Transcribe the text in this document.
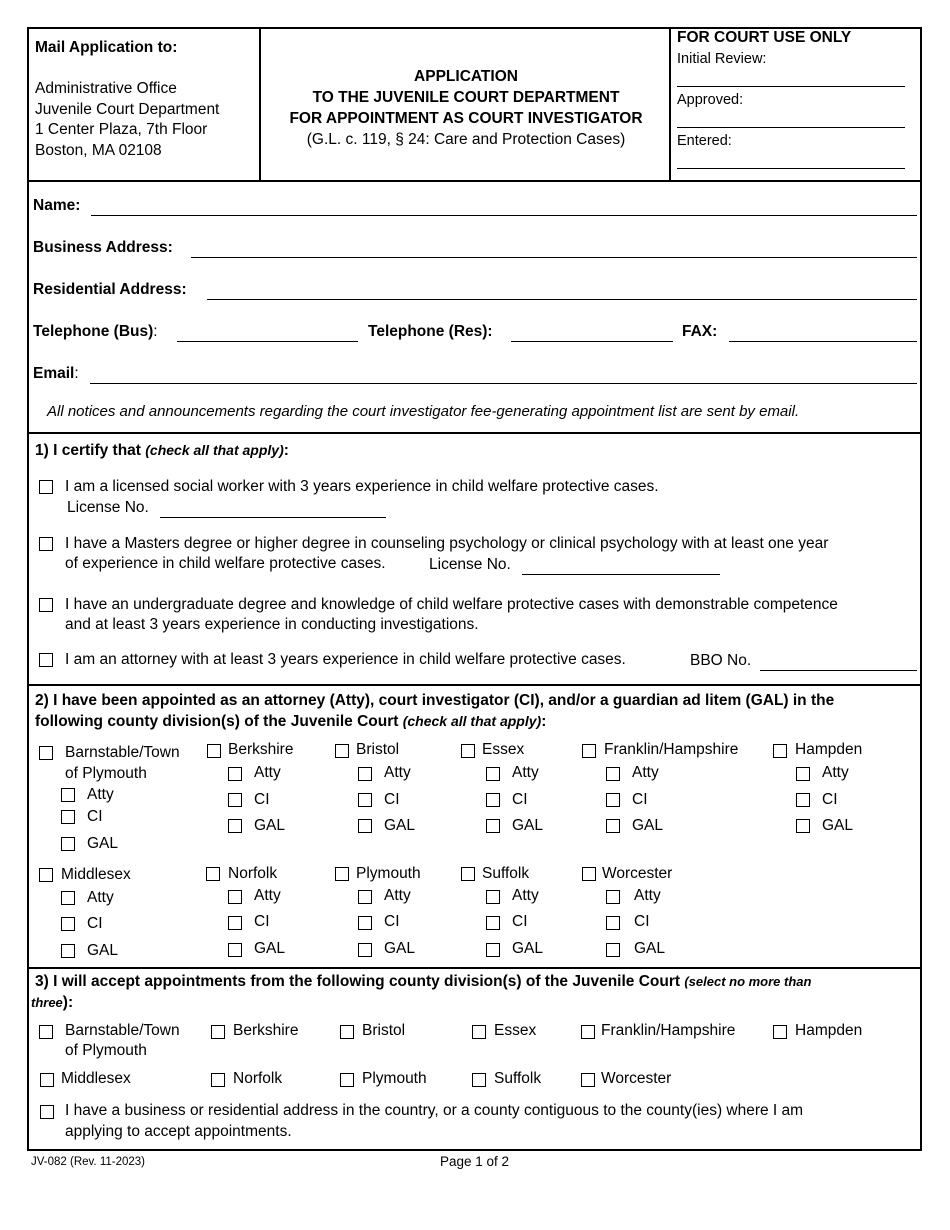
Mail Application to:
Administrative Office
Juvenile Court Department
1 Center Plaza, 7th Floor
Boston, MA 02108
APPLICATION
TO THE JUVENILE COURT DEPARTMENT
FOR APPOINTMENT AS COURT INVESTIGATOR
(G.L. c. 119, § 24: Care and Protection Cases)
FOR COURT USE ONLY
Initial Review:
Approved:
Entered:
Name:
Business Address:
Residential Address:
Telephone (Bus):	Telephone (Res):	FAX:
Email:
All notices and announcements regarding the court investigator fee-generating appointment list are sent by email.
1) I certify that (check all that apply):
I am a licensed social worker with 3 years experience in child welfare protective cases.
License No.
I have a Masters degree or higher degree in counseling psychology or clinical psychology with at least one year
of experience in child welfare protective cases.	License No.
I have an undergraduate degree and knowledge of child welfare protective cases with demonstrable competence
and at least 3 years experience in conducting investigations.
I am an attorney with at least 3 years experience in child welfare protective cases.	BBO No.
2) I have been appointed as an attorney (Atty), court investigator (CI), and/or a guardian ad litem (GAL) in the
following county division(s) of the Juvenile Court (check all that apply):
Barnstable/Town
of Plymouth
Atty
CI
GAL
Berkshire
Atty
CI
GAL
Bristol
Atty
CI
GAL
Essex
Atty
CI
GAL
Franklin/Hampshire
Atty
CI
GAL
Hampden
Atty
CI
GAL
Middlesex
Atty
CI
GAL
Norfolk
Atty
CI
GAL
Plymouth
Atty
CI
GAL
Suffolk
Atty
CI
GAL
Worcester
Atty
CI
GAL
3) I will accept appointments from the following county division(s) of the Juvenile Court (select no more than
three):
Barnstable/Town
of Plymouth
Berkshire	Bristol	Essex	Franklin/Hampshire	Hampden
Middlesex	Norfolk	Plymouth	Suffolk	Worcester
I have a business or residential address in the country, or a county contiguous to the county(ies) where I am
applying to accept appointments.
JV-082 (Rev. 11-2023)	Page 1 of 2
